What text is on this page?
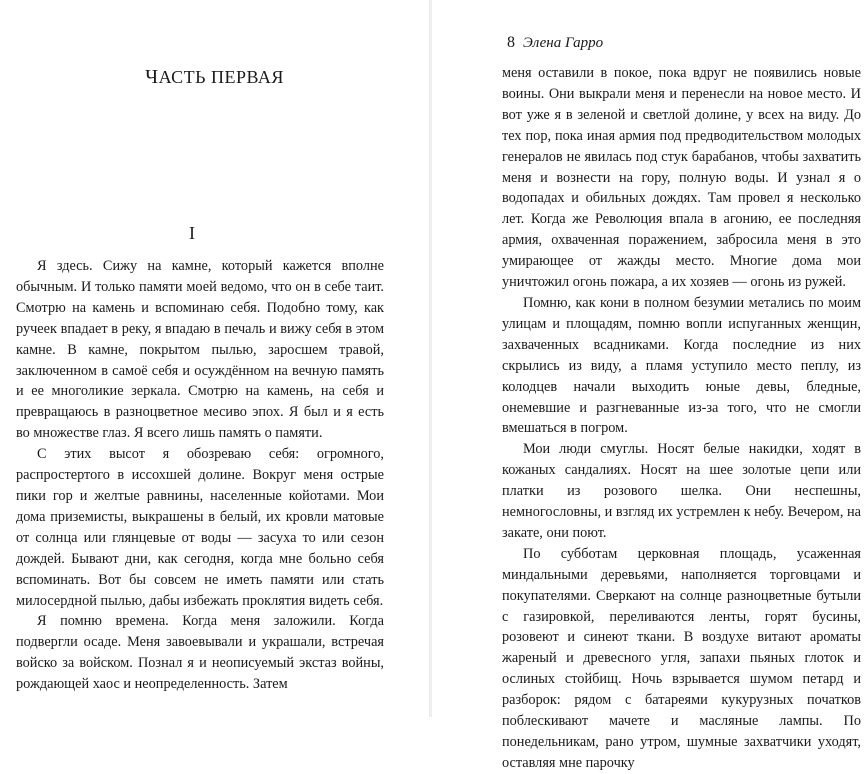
ЧАСТЬ ПЕРВАЯ
I

Я здесь. Сижу на камне, который кажется вполне обычным. И только памяти моей ведомо, что он в себе таит. Смотрю на камень и вспоминаю себя. Подобно тому, как ручеек впадает в реку, я впадаю в печаль и вижу себя в этом камне. В камне, покрытом пылью, заросшем травой, заключенном в самоё себя и осуждённом на вечную память и ее многоликие зеркала. Смотрю на камень, на себя и превращаюсь в разноцветное месиво эпох. Я был и я есть во множестве глаз. Я всего лишь память о памяти.

С этих высот я обозреваю себя: огромного, распростертого в иссохшей долине. Вокруг меня острые пики гор и желтые равнины, населенные койотами. Мои дома приземисты, выкрашены в белый, их кровли матовые от солнца или глянцевые от воды — засуха то или сезон дождей. Бывают дни, как сегодня, когда мне больно себя вспоминать. Вот бы совсем не иметь памяти или стать милосердной пылью, дабы избежать проклятия видеть себя.

Я помню времена. Когда меня заложили. Когда подвергли осаде. Меня завоевывали и украшали, встречая войско за войском. Познал я и неописуемый экстаз войны, рождающей хаос и неопределенность. Затем

8 Элена Гарро

меня оставили в покое, пока вдруг не появились новые воины. Они выкрали меня и перенесли на новое место. И вот уже я в зеленой и светлой долине, у всех на виду. До тех пор, пока иная армия под предводительством молодых генералов не явилась под стук барабанов, чтобы захватить меня и вознести на гору, полную воды. И узнал я о водопадах и обильных дождях. Там провел я несколько лет. Когда же Революция впала в агонию, ее последняя армия, охваченная поражением, забросила меня в это умирающее от жажды место. Многие дома мои уничтожил огонь пожара, а их хозяев — огонь из ружей.

Помню, как кони в полном безумии метались по моим улицам и площадям, помню вопли испуганных женщин, захваченных всадниками. Когда последние из них скрылись из виду, а пламя уступило место пеплу, из колодцев начали выходить юные девы, бледные, онемевшие и разгневанные из-за того, что не смогли вмешаться в погром.

Мои люди смуглы. Носят белые накидки, ходят в кожаных сандалиях. Носят на шее золотые цепи или платки из розового шелка. Они неспешны, немногословны, и взгляд их устремлен к небу. Вечером, на закате, они поют.

По субботам церковная площадь, усаженная миндальными деревьями, наполняется торговцами и покупателями. Сверкают на солнце разноцветные бутыли с газировкой, переливаются ленты, горят бусины, розовеют и синеют ткани. В воздухе витают ароматы жареный и древесного угля, запахи пьяных глоток и ослиных стойбищ. Ночь взрывается шумом петард и разборок: рядом с батареями кукурузных початков поблескивают мачете и масляные лампы. По понедельникам, рано утром, шумные захватчики уходят, оставляя мне парочку
